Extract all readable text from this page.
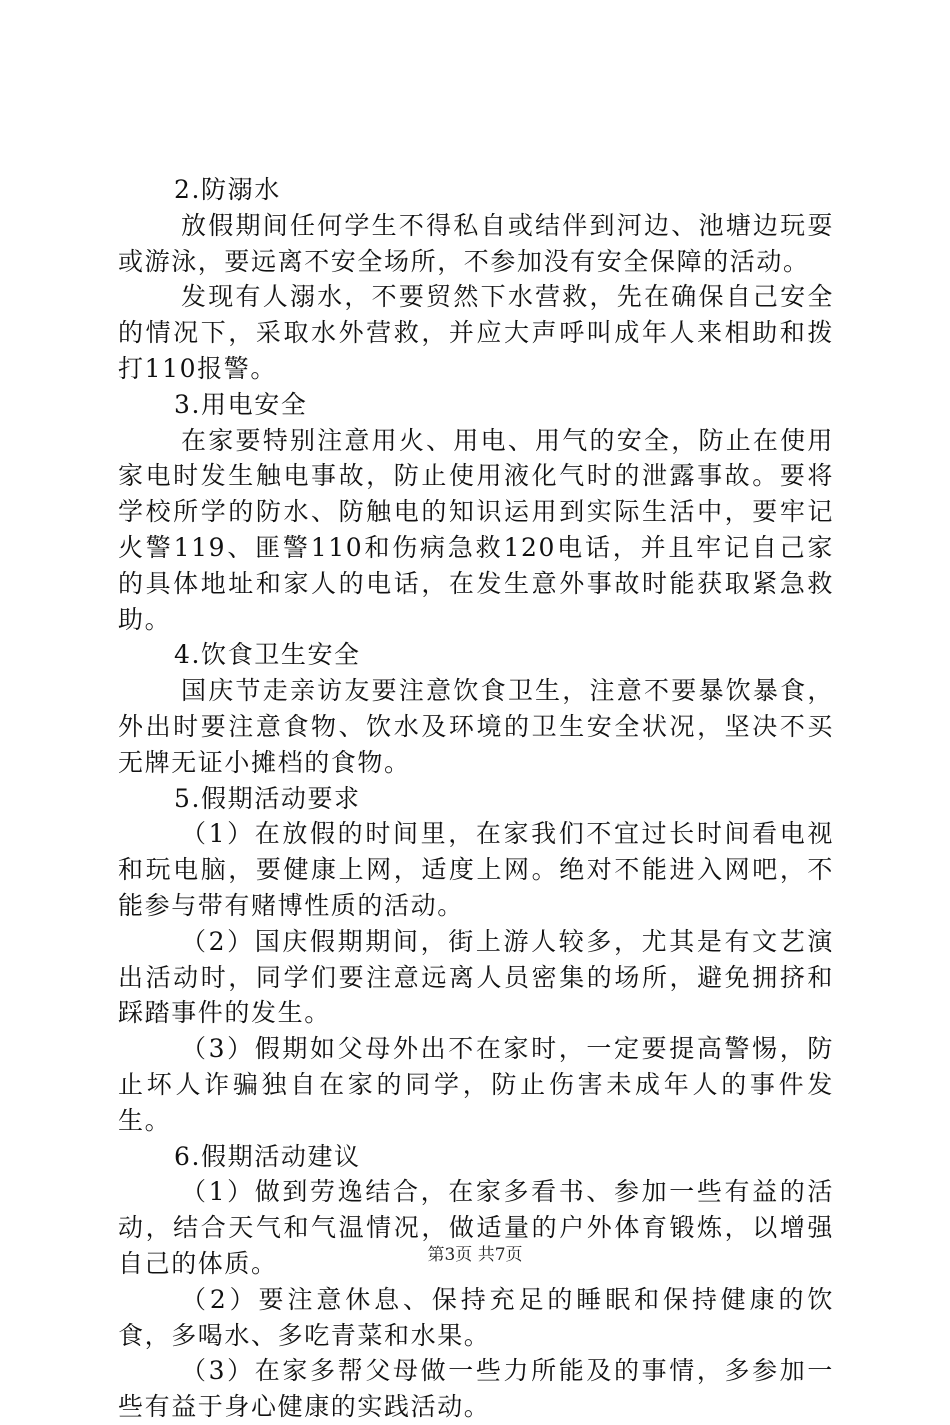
2.防溺水

放假期间任何学生不得私自或结伴到河边、池塘边玩耍或游泳，要远离不安全场所，不参加没有安全保障的活动。

发现有人溺水，不要贸然下水营救，先在确保自己安全的情况下，采取水外营救，并应大声呼叫成年人来相助和拨打110报警。

3.用电安全

在家要特别注意用火、用电、用气的安全，防止在使用家电时发生触电事故，防止使用液化气时的泄露事故。要将学校所学的防水、防触电的知识运用到实际生活中，要牢记火警119、匪警110和伤病急救120电话，并且牢记自己家的具体地址和家人的电话，在发生意外事故时能获取紧急救助。

4.饮食卫生安全

国庆节走亲访友要注意饮食卫生，注意不要暴饮暴食，外出时要注意食物、饮水及环境的卫生安全状况，坚决不买无牌无证小摊档的食物。

5.假期活动要求

（1）在放假的时间里，在家我们不宜过长时间看电视和玩电脑，要健康上网，适度上网。绝对不能进入网吧，不能参与带有赌博性质的活动。

（2）国庆假期期间，街上游人较多，尤其是有文艺演出活动时，同学们要注意远离人员密集的场所，避免拥挤和踩踏事件的发生。

（3）假期如父母外出不在家时，一定要提高警惕，防止坏人诈骗独自在家的同学，防止伤害未成年人的事件发生。

6.假期活动建议

（1）做到劳逸结合，在家多看书、参加一些有益的活动，结合天气和气温情况，做适量的户外体育锻炼，以增强自己的体质。

（2）要注意休息、保持充足的睡眠和保持健康的饮食，多喝水、多吃青菜和水果。

（3）在家多帮父母做一些力所能及的事情，多参加一些有益于身心健康的实践活动。

第3页 共7页
